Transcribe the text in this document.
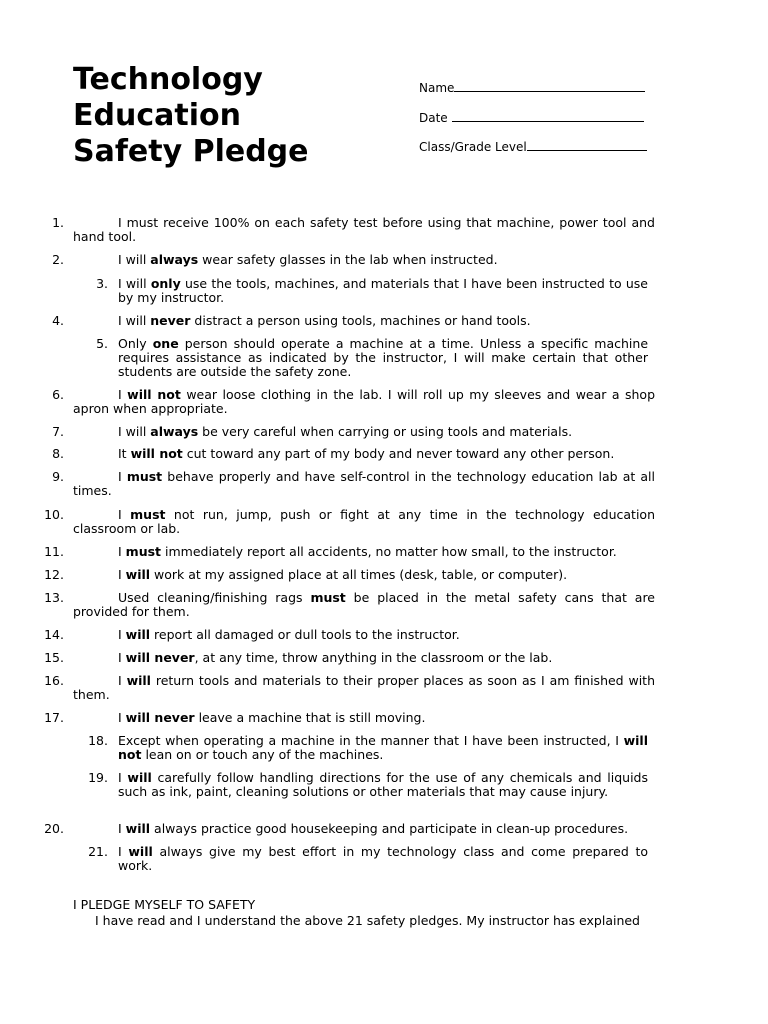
Technology
Education
Safety Pledge
Name
Date
Class/Grade Level
1.	I must receive 100% on each safety test before using that machine, power tool and hand tool.
2.	I will always wear safety glasses in the lab when instructed.
3. I will only use the tools, machines, and materials that I have been instructed to use by my instructor.
4.	I will never distract a person using tools, machines or hand tools.
5. Only one person should operate a machine at a time. Unless a specific machine requires assistance as indicated by the instructor, I will make certain that other students are outside the safety zone.
6.	I will not wear loose clothing in the lab. I will roll up my sleeves and wear a shop apron when appropriate.
7.	I will always be very careful when carrying or using tools and materials.
8.	It will not cut toward any part of my body and never toward any other person.
9.	I must behave properly and have self-control in the technology education lab at all times.
10.	I must not run, jump, push or fight at any time in the technology education classroom or lab.
11.	I must immediately report all accidents, no matter how small, to the instructor.
12.	I will work at my assigned place at all times (desk, table, or computer).
13.	Used cleaning/finishing rags must be placed in the metal safety cans that are provided for them.
14.	I will report all damaged or dull tools to the instructor.
15.	I will never, at any time, throw anything in the classroom or the lab.
16.	I will return tools and materials to their proper places as soon as I am finished with them.
17.	I will never leave a machine that is still moving.
18. Except when operating a machine in the manner that I have been instructed, I will not lean on or touch any of the machines.
19. I will carefully follow handling directions for the use of any chemicals and liquids such as ink, paint, cleaning solutions or other materials that may cause injury.
20.	I will always practice good housekeeping and participate in clean-up procedures.
21. I will always give my best effort in my technology class and come prepared to work.
I PLEDGE MYSELF TO SAFETY
I have read and I understand the above 21 safety pledges. My instructor has explained
